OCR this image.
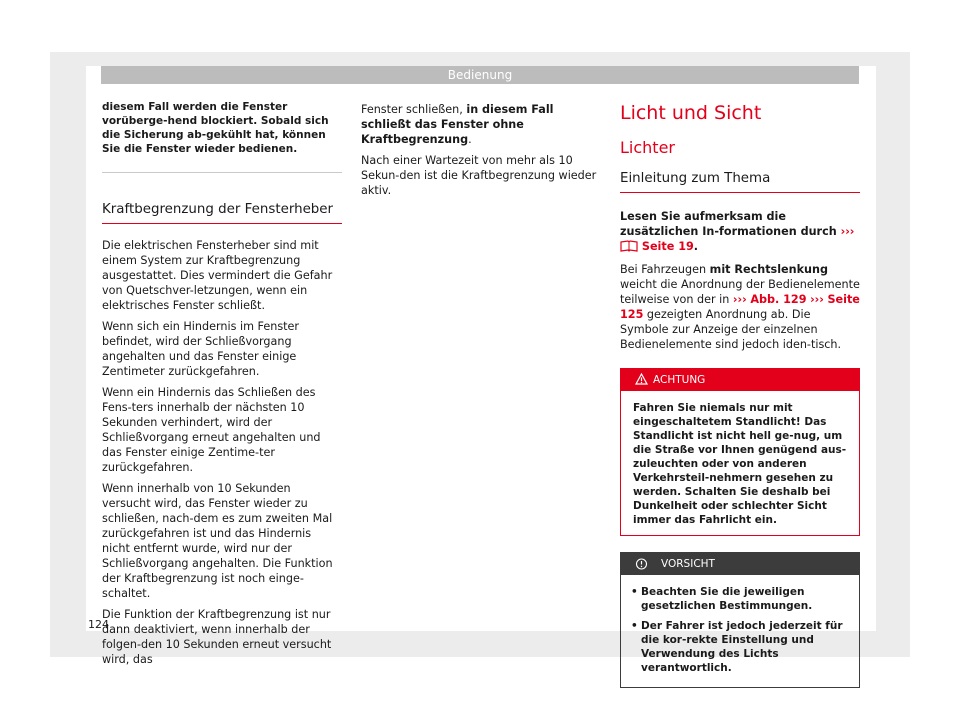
Bedienung
diesem Fall werden die Fenster vorüberge-hend blockiert. Sobald sich die Sicherung ab-gekühlt hat, können Sie die Fenster wieder bedienen.
Kraftbegrenzung der Fensterheber

Die elektrischen Fensterheber sind mit einem System zur Kraftbegrenzung ausgestattet. Dies vermindert die Gefahr von Quetschver-letzungen, wenn ein elektrisches Fenster schließt.

Wenn sich ein Hindernis im Fenster befindet, wird der Schließvorgang angehalten und das Fenster einige Zentimeter zurückgefahren.

Wenn ein Hindernis das Schließen des Fens-ters innerhalb der nächsten 10 Sekunden verhindert, wird der Schließvorgang erneut angehalten und das Fenster einige Zentime-ter zurückgefahren.

Wenn innerhalb von 10 Sekunden versucht wird, das Fenster wieder zu schließen, nach-dem es zum zweiten Mal zurückgefahren ist und das Hindernis nicht entfernt wurde, wird nur der Schließvorgang angehalten. Die Funktion der Kraftbegrenzung ist noch einge-schaltet.

Die Funktion der Kraftbegrenzung ist nur dann deaktiviert, wenn innerhalb der folgen-den 10 Sekunden erneut versucht wird, das

Fenster schließen, in diesem Fall schließt das Fenster ohne Kraftbegrenzung.

Nach einer Wartezeit von mehr als 10 Sekun-den ist die Kraftbegrenzung wieder aktiv.

Licht und Sicht
Lichter
Einleitung zum Thema

Lesen Sie aufmerksam die zusätzlichen In-formationen durch ›››  Seite 19.

Bei Fahrzeugen mit Rechtslenkung weicht die Anordnung der Bedienelemente teilweise von der in ››› Abb. 129 ››› Seite 125 gezeigten Anordnung ab. Die Symbole zur Anzeige der einzelnen Bedienelemente sind jedoch iden-tisch.

ACHTUNG
Fahren Sie niemals nur mit eingeschaltetem Standlicht! Das Standlicht ist nicht hell ge-nug, um die Straße vor Ihnen genügend aus-zuleuchten oder von anderen Verkehrsteil-nehmern gesehen zu werden. Schalten Sie deshalb bei Dunkelheit oder schlechter Sicht immer das Fahrlicht ein.
VORSICHT
• Beachten Sie die jeweiligen gesetzlichen Bestimmungen.
• Der Fahrer ist jedoch jederzeit für die kor-rekte Einstellung und Verwendung des Lichts verantwortlich.
124
